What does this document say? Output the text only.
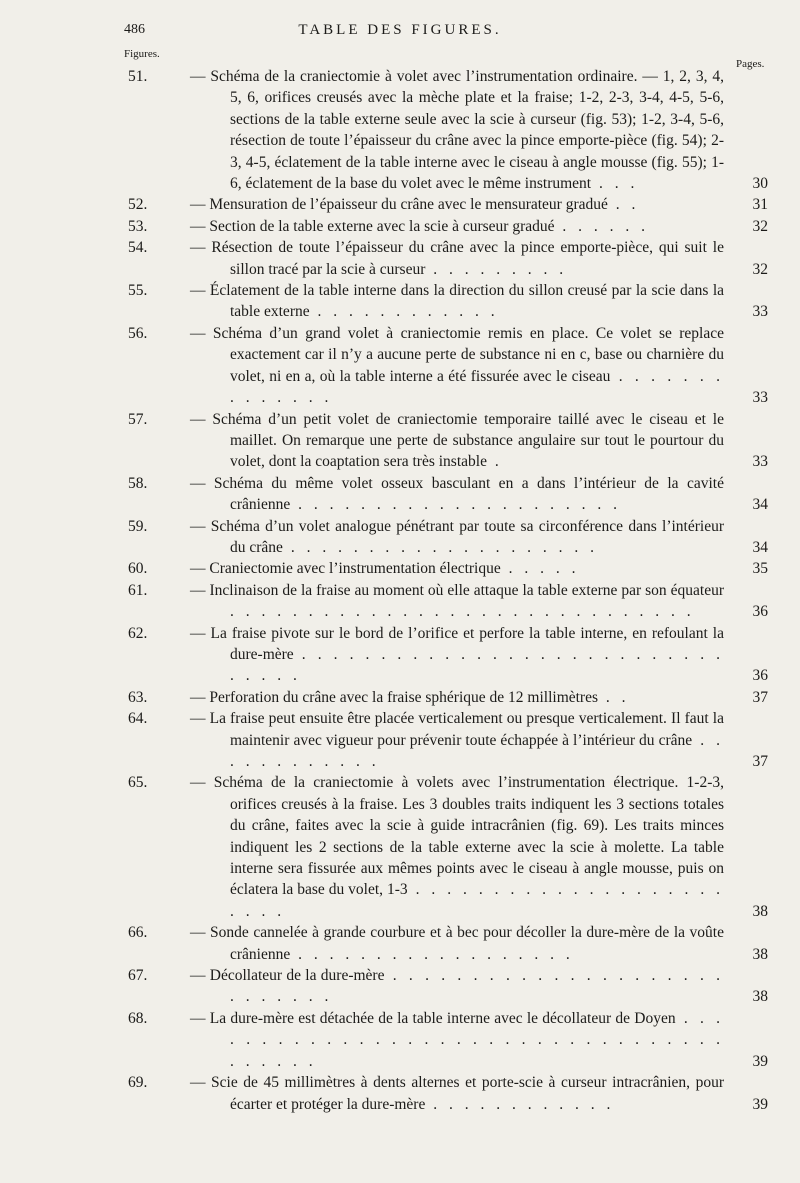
486	TABLE DES FIGURES.
Figures.
Pages.
51.	— Schéma de la craniectomie à volet avec l’instrumentation ordinaire. — 1, 2, 3, 4, 5, 6, orifices creusés avec la mèche plate et la fraise; 1-2, 2-3, 3-4, 4-5, 5-6, sections de la table externe seule avec la scie à curseur (fig. 53); 1-2, 3-4, 5-6, résection de toute l’épaisseur du crâne avec la pince emporte-pièce (fig. 54); 2-3, 4-5, éclatement de la table interne avec le ciseau à angle mousse (fig. 55); 1-6, éclatement de la base du volet avec le même instrument . . .	30
52.	— Mensuration de l’épaisseur du crâne avec le mensurateur gradué . .	31
53.	— Section de la table externe avec la scie à curseur gradué . . . . . .	32
54.	— Résection de toute l’épaisseur du crâne avec la pince emporte-pièce, qui suit le sillon tracé par la scie à curseur . . . . . . . . .	32
55.	— Éclatement de la table interne dans la direction du sillon creusé par la scie dans la table externe . . . . . . . . . . . .	33
56.	— Schéma d’un grand volet à craniectomie remis en place. Ce volet se replace exactement car il n’y a aucune perte de substance ni en c, base ou charnière du volet, ni en a, où la table interne a été fissurée avec le ciseau . . . . . . . . . . . . . .	33
57.	— Schéma d’un petit volet de craniectomie temporaire taillé avec le ciseau et le maillet. On remarque une perte de substance angulaire sur tout le pourtour du volet, dont la coaptation sera très instable .	33
58.	— Schéma du même volet osseux basculant en a dans l’intérieur de la cavité crânienne . . . . . . . . . . . . . . . . . . . . .	34
59.	— Schéma d’un volet analogue pénétrant par toute sa circonférence dans l’intérieur du crâne . . . . . . . . . . . . . . . . . . . .	34
60.	— Craniectomie avec l’instrumentation électrique . . . . .	35
61.	— Inclinaison de la fraise au moment où elle attaque la table externe par son équateur . . . . . . . . . . . . . . . . . . . . . . . . . . . . . .	36
62.	— La fraise pivote sur le bord de l’orifice et perfore la table interne, en refoulant la dure-mère . . . . . . . . . . . . . . . . . . . . . . . . . . . . . . . .	36
63.	— Perforation du crâne avec la fraise sphérique de 12 millimètres . .	37
64.	— La fraise peut ensuite être placée verticalement ou presque verticalement. Il faut la maintenir avec vigueur pour prévenir toute échappée à l’intérieur du crâne . . . . . . . . . . . .	37
65.	— Schéma de la craniectomie à volets avec l’instrumentation électrique. 1-2-3, orifices creusés à la fraise. Les 3 doubles traits indiquent les 3 sections totales du crâne, faites avec la scie à guide intracrânien (fig. 69). Les traits minces indiquent les 2 sections de la table externe avec la scie à molette. La table interne sera fissurée aux mêmes points avec le ciseau à angle mousse, puis on éclatera la base du volet, 1-3 . . . . . . . . . . . . . . . . . . . . . . . .	38
66.	— Sonde cannelée à grande courbure et à bec pour décoller la dure-mère de la voûte crânienne . . . . . . . . . . . . . . . . . .	38
67.	— Décollateur de la dure-mère . . . . . . . . . . . . . . . . . . . . . . . . . . . .	38
68.	— La dure-mère est détachée de la table interne avec le décollateur de Doyen . . . . . . . . . . . . . . . . . . . . . . . . . . . . . . . . . . . . . . . .	39
69.	— Scie de 45 millimètres à dents alternes et porte-scie à curseur intracrânien, pour écarter et protéger la dure-mère . . . . . . . . . . . .	39
